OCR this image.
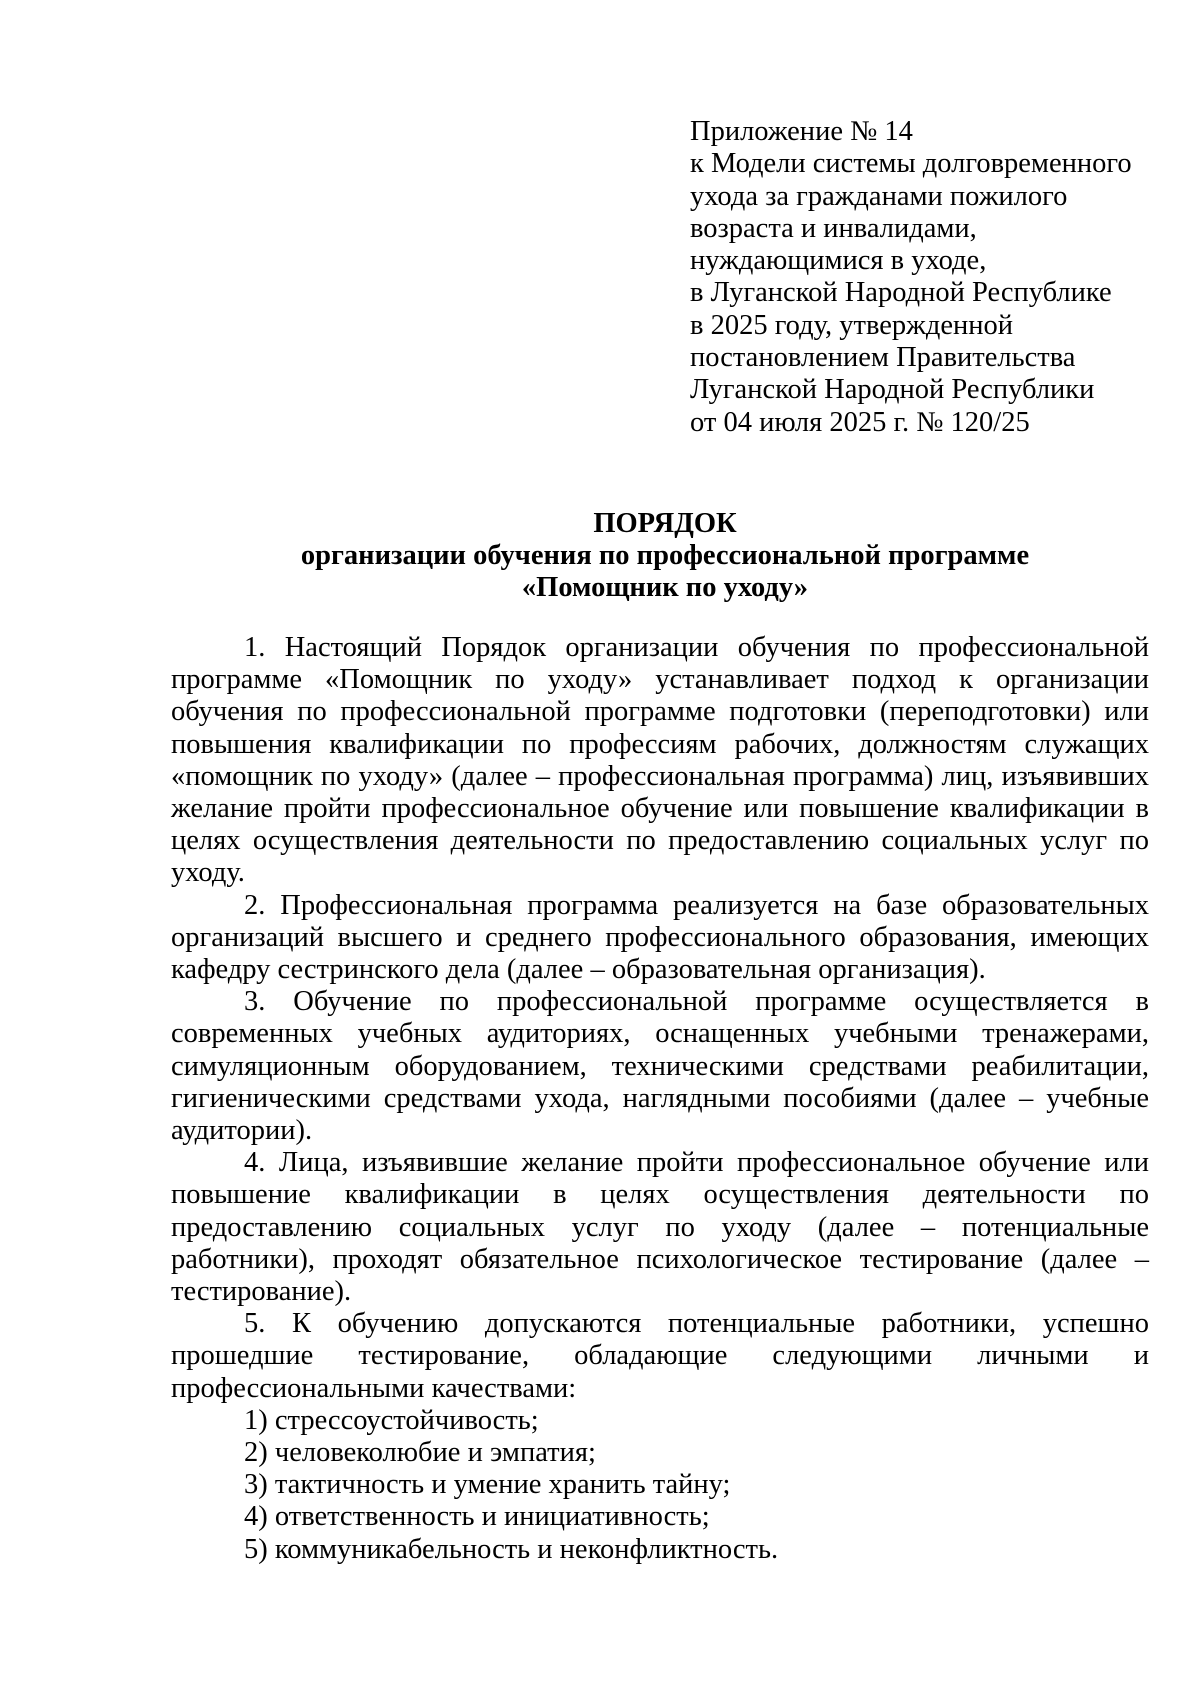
Приложение № 14
к Модели системы долговременного
ухода за гражданами пожилого
возраста и инвалидами,
нуждающимися в уходе,
в Луганской Народной Республике
в 2025 году, утвержденной
постановлением Правительства
Луганской Народной Республики
от 04 июля 2025 г. № 120/25
ПОРЯДОК
организации обучения по профессиональной программе
«Помощник по уходу»

1. Настоящий Порядок организации обучения по профессиональной программе «Помощник по уходу» устанавливает подход к организации обучения по профессиональной программе подготовки (переподготовки) или повышения квалификации по профессиям рабочих, должностям служащих «помощник по уходу» (далее – профессиональная программа) лиц, изъявивших желание пройти профессиональное обучение или повышение квалификации в целях осуществления деятельности по предоставлению социальных услуг по уходу.

2. Профессиональная программа реализуется на базе образовательных организаций высшего и среднего профессионального образования, имеющих кафедру сестринского дела (далее – образовательная организация).

3. Обучение по профессиональной программе осуществляется в современных учебных аудиториях, оснащенных учебными тренажерами, симуляционным оборудованием, техническими средствами реабилитации, гигиеническими средствами ухода, наглядными пособиями (далее – учебные аудитории).

4. Лица, изъявившие желание пройти профессиональное обучение или повышение квалификации в целях осуществления деятельности по предоставлению социальных услуг по уходу (далее – потенциальные работники), проходят обязательное психологическое тестирование (далее – тестирование).

5. К обучению допускаются потенциальные работники, успешно прошедшие тестирование, обладающие следующими личными и профессиональными качествами:

1) стрессоустойчивость;

2) человеколюбие и эмпатия;

3) тактичность и умение хранить тайну;

4) ответственность и инициативность;

5) коммуникабельность и неконфликтность.
